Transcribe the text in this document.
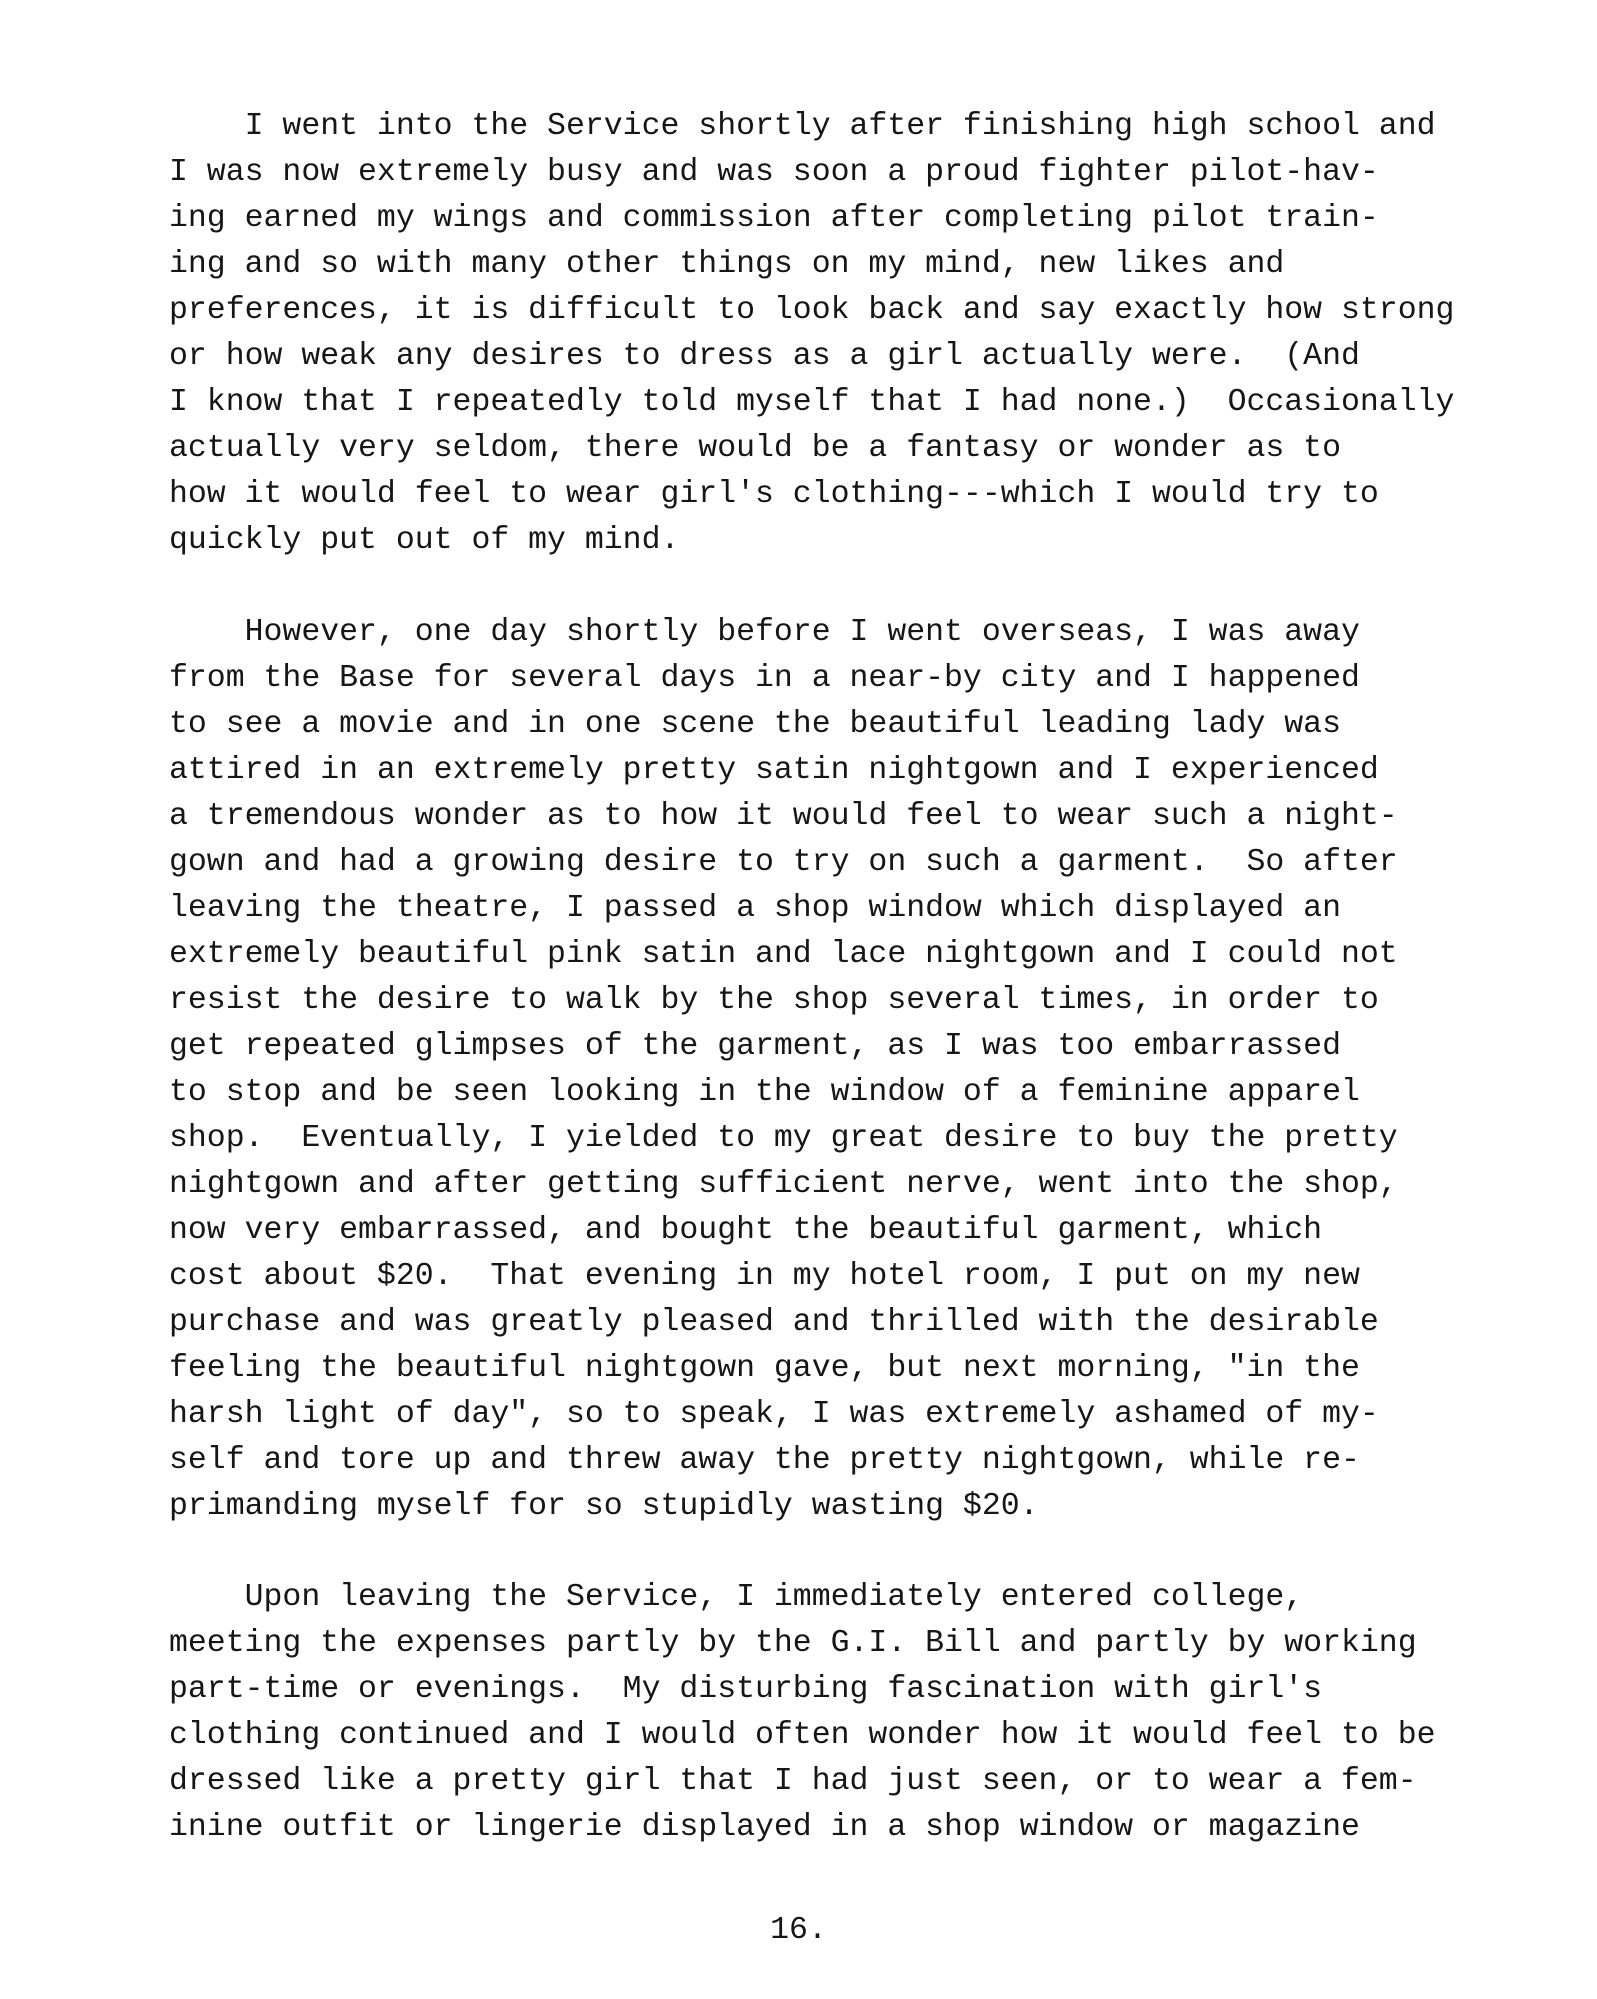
I went into the Service shortly after finishing high school and
I was now extremely busy and was soon a proud fighter pilot-hav-
ing earned my wings and commission after completing pilot train-
ing and so with many other things on my mind, new likes and
preferences, it is difficult to look back and say exactly how strong
or how weak any desires to dress as a girl actually were.  (And
I know that I repeatedly told myself that I had none.)  Occasionally
actually very seldom, there would be a fantasy or wonder as to
how it would feel to wear girl's clothing---which I would try to
quickly put out of my mind.
However, one day shortly before I went overseas, I was away
from the Base for several days in a near-by city and I happened
to see a movie and in one scene the beautiful leading lady was
attired in an extremely pretty satin nightgown and I experienced
a tremendous wonder as to how it would feel to wear such a night-
gown and had a growing desire to try on such a garment.  So after
leaving the theatre, I passed a shop window which displayed an
extremely beautiful pink satin and lace nightgown and I could not
resist the desire to walk by the shop several times, in order to
get repeated glimpses of the garment, as I was too embarrassed
to stop and be seen looking in the window of a feminine apparel
shop.  Eventually, I yielded to my great desire to buy the pretty
nightgown and after getting sufficient nerve, went into the shop,
now very embarrassed, and bought the beautiful garment, which
cost about $20.  That evening in my hotel room, I put on my new
purchase and was greatly pleased and thrilled with the desirable
feeling the beautiful nightgown gave, but next morning, "in the
harsh light of day", so to speak, I was extremely ashamed of my-
self and tore up and threw away the pretty nightgown, while re-
primanding myself for so stupidly wasting $20.
Upon leaving the Service, I immediately entered college,
meeting the expenses partly by the G.I. Bill and partly by working
part-time or evenings.  My disturbing fascination with girl's
clothing continued and I would often wonder how it would feel to be
dressed like a pretty girl that I had just seen, or to wear a fem-
inine outfit or lingerie displayed in a shop window or magazine
16.
